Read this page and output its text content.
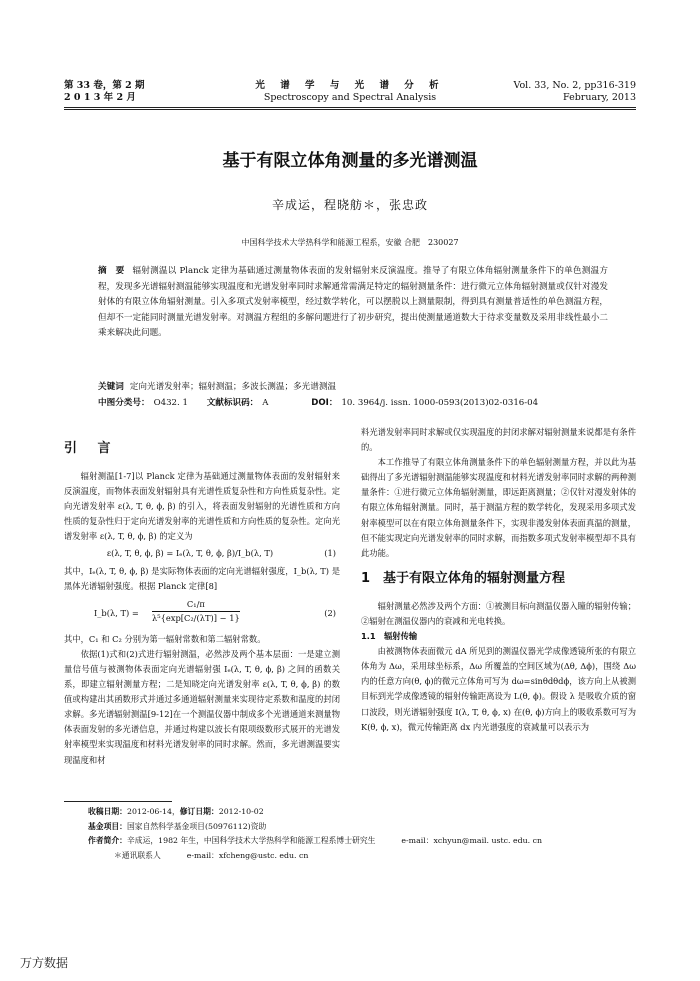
第 33 卷，第 2 期
2 0 1 3 年 2 月
光 谱 学 与 光 谱 分 析
Spectroscopy and Spectral Analysis
Vol. 33, No. 2, pp316-319
February, 2013
基于有限立体角测量的多光谱测温
辛成运，程晓舫＊，张忠政
中国科学技术大学热科学和能源工程系，安徽 合肥　230027
摘　要 辐射测温以 Planck 定律为基础通过测量物体表面的发射辐射来反演温度。推导了有限立体角辐射测量条件下的单色测温方程，发现多光谱辐射测温能够实现温度和光谱发射率同时求解通常需满足特定的辐射测量条件：进行微元立体角辐射测量或仅针对漫发射体的有限立体角辐射测量。引入多项式发射率模型，经过数学转化，可以摆脱以上测量限制，得到具有测量普适性的单色测温方程，但却不一定能同时测量光谱发射率。对测温方程组的多解问题进行了初步研究，提出使测量通道数大于待求变量数及采用非线性最小二乘来解决此问题。
关键词 定向光谱发射率；辐射测温；多波长测温；多光谱测温
中图分类号： O432. 1 文献标识码： A	DOI： 10. 3964/j. issn. 1000-0593(2013)02-0316-04
引 言

辐射测温[1-7]以 Planck 定律为基础通过测量物体表面的发射辐射来反演温度，而物体表面发射辐射具有光谱性质复杂性和方向性质复杂性。定向光谱发射率 ε(λ, T, θ, ϕ, β) 的引入，将表面发射辐射的光谱性质和方向性质的复杂性归于定向光谱发射率的光谱性质和方向性质的复杂性。定向光谱发射率 ε(λ, T, θ, ϕ, β) 的定义为

ε(λ, T, θ, ϕ, β) = Iₑ(λ, T, θ, ϕ, β)/I_b(λ, T)	(1)

其中，Iₑ(λ, T, θ, ϕ, β) 是实际物体表面的定向光谱辐射强度，I_b(λ, T) 是黑体光谱辐射强度。根据 Planck 定律[8]

I_b(λ, $T) = \frac{\text{C₁/π}}{\text{λ⁵\{exp[C₂/(λT)] − 1\}}}$	(2)

其中，C₁ 和 C₂ 分别为第一辐射常数和第二辐射常数。

依据(1)式和(2)式进行辐射测温，必然涉及两个基本层面：一是建立测量信号值与被测物体表面定向光谱辐射强 Iₑ(λ, T, θ, ϕ, β) 之间的函数关系，即建立辐射测量方程；二是知晓定向光谱发射率 ε(λ, T, θ, ϕ, β) 的数值或构建出其函数形式并通过多通道辐射测量来实现待定系数和温度的封闭求解。多光谱辐射测温[9-12]在一个测温仪器中制成多个光谱通道来测量物体表面发射的多光谱信息，并通过构建以波长有限项级数形式展开的光谱发射率模型来实现温度和材料光谱发射率的同时求解。然而，多光谱测温要实现温度和材

料光谱发射率同时求解或仅实现温度的封闭求解对辐射测量来说都是有条件的。

本工作推导了有限立体角测量条件下的单色辐射测量方程，并以此为基础得出了多光谱辐射测温能够实现温度和材料光谱发射率同时求解的两种测量条件：①进行微元立体角辐射测量，即远距离测量；②仅针对漫发射体的有限立体角辐射测量。同时，基于测温方程的数学转化，发现采用多项式发射率模型可以在有限立体角测量条件下，实现非漫发射体表面真温的测量，但不能实现定向光谱发射率的同时求解，而指数多项式发射率模型却不具有此功能。

1　基于有限立体角的辐射测量方程

辐射测量必然涉及两个方面：①被测目标向测温仪器入瞳的辐射传输；②辐射在测温仪器内的衰减和光电转换。

1.1　辐射传输

由被测物体表面微元 dA 所见到的测温仪器光学成像透镜所张的有限立体角为 Δω，采用球坐标系，Δω 所覆盖的空间区域为(Δθ, Δϕ)，围绕 Δω 内的任意方向(θ, ϕ)的微元立体角可写为 dω=sinθdθdϕ，该方向上从被测目标到光学成像透镜的辐射传输距离设为 L(θ, ϕ)。假设 λ 是吸收介质的窗口波段，则光谱辐射强度 I(λ, T, θ, ϕ, x) 在(θ, ϕ)方向上的吸收系数可写为 K(θ, ϕ, x)，微元传输距离 dx 内光谱强度的衰减量可以表示为

收稿日期：2012-06-14，修订日期：2012-10-02
基金项目：国家自然科学基金项目(50976112)资助
作者简介：辛成运，1982 年生，中国科学技术大学热科学和能源工程系博士研究生	e-mail：xchyun@mail. ustc. edu. cn
＊通讯联系人	e-mail：xfcheng@ustc. edu. cn
万方数据
